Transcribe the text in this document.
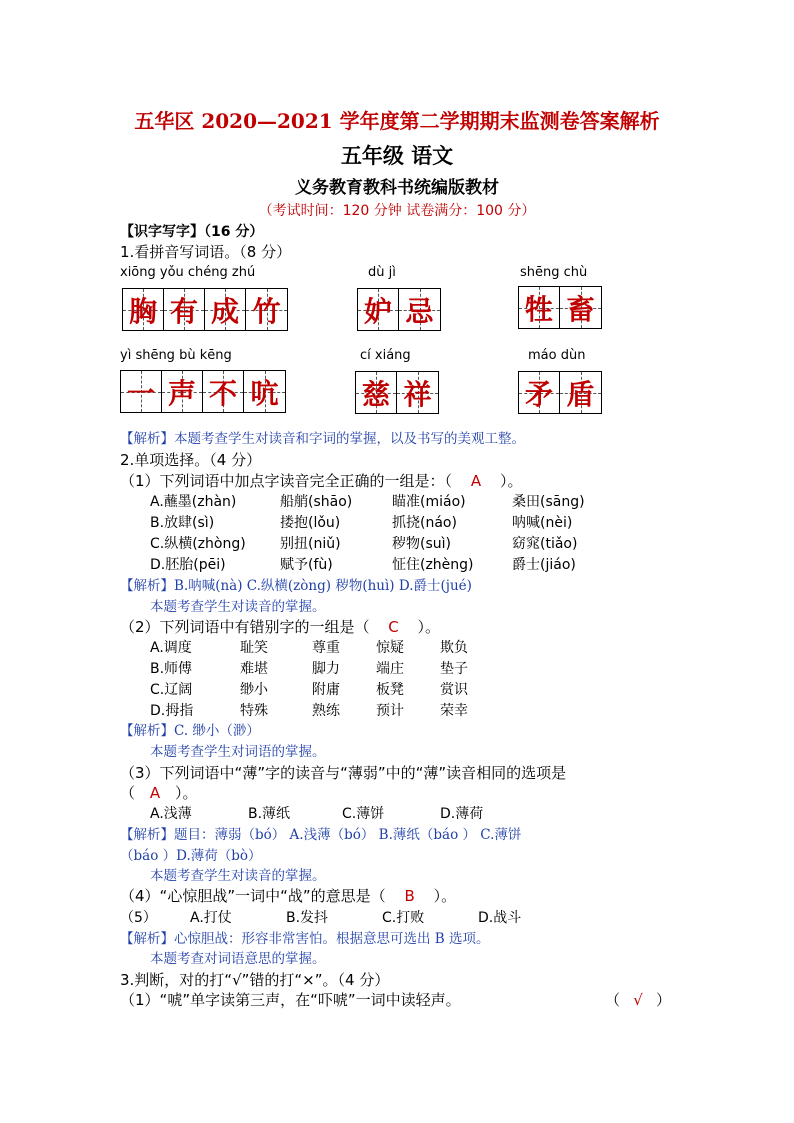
五华区 2020—2021 学年度第二学期期末监测卷答案解析
五年级 语文
义务教育教科书统编版教材
（考试时间：120 分钟 试卷满分：100 分）
【识字写字】（16 分）
1.看拼音写词语。（8 分）
xiōng yǒu chéng zhú
胸 有 成 竹
dù jì
妒 忌
shēng chù
牲 畜
yì shēng bù kēng
一 声 不 吭
cí xiáng
慈 祥
máo dùn
矛 盾
【解析】本题考查学生对读音和字词的掌握，以及书写的美观工整。
2.单项选择。（4 分）
（1）下列词语中加点字读音完全正确的一组是：（ A ）。
A.蘸墨(zhàn)	船艄(shāo)	瞄准(miáo)	桑田(sāng)
B.放肆(sì)	搂抱(lǒu)	抓挠(náo)	呐喊(nèi)
C.纵横(zhòng) 别扭(niǔ)	秽物(suì)	窈窕(tiǎo)
D.胚胎(pēi)	赋予(fù)	怔住(zhèng)	爵士(jiáo)
【解析】B.呐喊(nà) C.纵横(zòng) 秽物(huì) D.爵士(jué)
本题考查学生对读音的掌握。
（2）下列词语中有错别字的一组是（ C ）。
A.调度	耻笑	尊重	惊疑	欺负
B.师傅	难堪	脚力	端庄	垫子
C.辽阔	缈小	附庸	板凳	赏识
D.拇指	特殊	熟练	预计	荣幸
【解析】C. 缈小（渺）
本题考查学生对词语的掌握。
（3）下列词语中“薄”字的读音与“薄弱”中的“薄”读音相同的选项是
（ A ）。
A.浅薄	B.薄纸	C.薄饼	D.薄荷
【解析】题目：薄弱（bó） A.浅薄（bó） B.薄纸（báo ） C.薄饼
（báo ）D.薄荷（bò）
本题考查学生对读音的掌握。
（4）“心惊胆战”一词中“战”的意思是（ B ）。
（5） A.打仗	B.发抖	C.打败	D.战斗
【解析】心惊胆战：形容非常害怕。根据意思可选出 B 选项。
本题考查对词语意思的掌握。
3.判断，对的打“√”错的打“×”。（4 分）
（1）“唬”单字读第三声，在“吓唬”一词中读轻声。	（ √ ）
